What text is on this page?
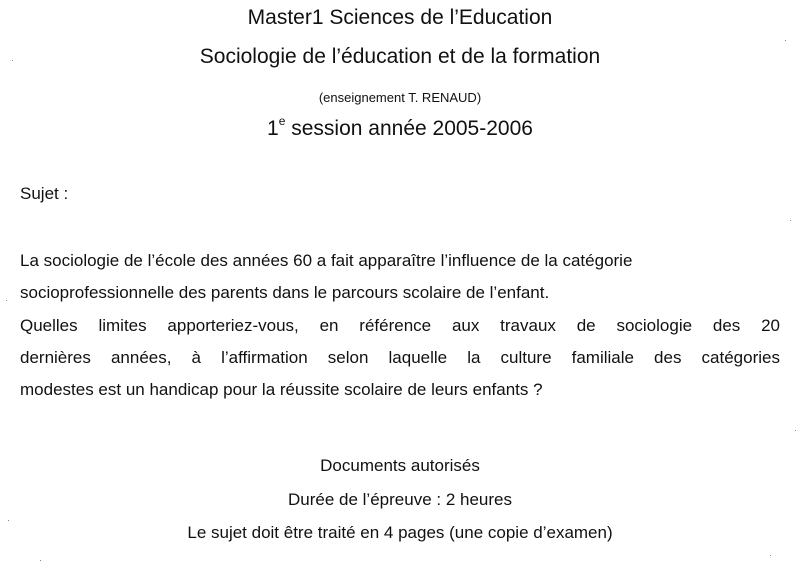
Master1 Sciences de l’Education
Sociologie de l’éducation et de la formation
(enseignement T. RENAUD)
1e session année 2005-2006
Sujet :
La sociologie de l’école des années 60 a fait apparaître l’influence de la catégorie
socioprofessionnelle des parents dans le parcours scolaire de l’enfant.
Quelles limites apporteriez-vous, en référence aux travaux de sociologie des 20
dernières années, à l’affirmation selon laquelle la culture familiale des catégories
modestes est un handicap pour la réussite scolaire de leurs enfants ?
Documents autorisés
Durée de l’épreuve : 2 heures
Le sujet doit être traité en 4 pages (une copie d’examen)
